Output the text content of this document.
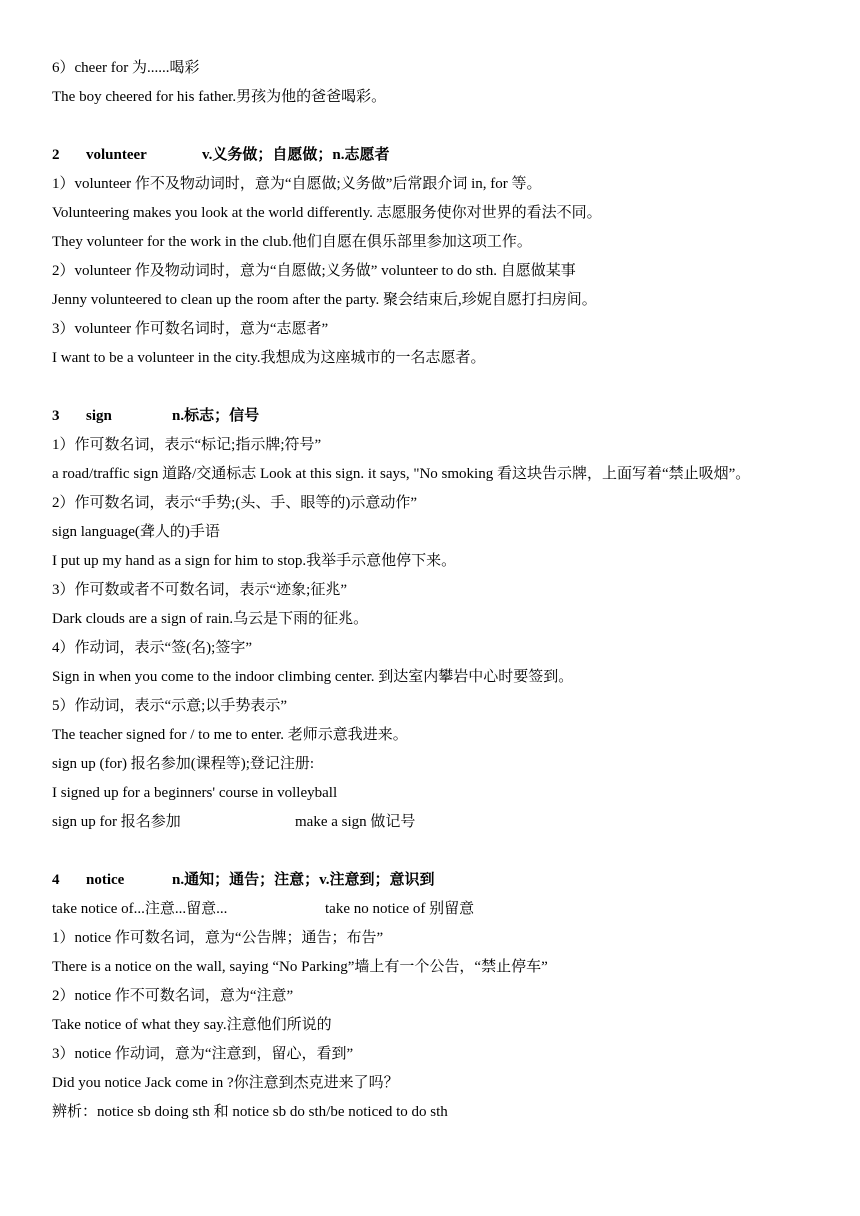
6）cheer for 为......喝彩
The boy cheered for his father.男孩为他的爸爸喝彩。
2 volunteer	v.义务做；自愿做；n.志愿者
1）volunteer 作不及物动词时，意为“自愿做;义务做”后常跟介词 in, for 等。
Volunteering makes you look at the world differently. 志愿服务使你对世界的看法不同。
They volunteer for the work in the club.他们自愿在俱乐部里参加这项工作。
2）volunteer 作及物动词时，意为“自愿做;义务做” volunteer to do sth. 自愿做某事
Jenny volunteered to clean up the room after the party. 聚会结束后,珍妮自愿打扫房间。
3）volunteer 作可数名词时，意为“志愿者”
I want to be a volunteer in the city.我想成为这座城市的一名志愿者。
3 sign	n.标志；信号
1）作可数名词，表示“标记;指示牌;符号”
a road/traffic sign 道路/交通标志 Look at this sign. it says, "No smoking 看这块告示牌，上面写着“禁止吸烟”。
2）作可数名词，表示“手势;(头、手、眼等的)示意动作”
sign language(聋人的)手语
I put up my hand as a sign for him to stop.我举手示意他停下来。
3）作可数或者不可数名词，表示“迹象;征兆”
Dark clouds are a sign of rain.乌云是下雨的征兆。
4）作动词，表示“签(名);签字”
Sign in when you come to the indoor climbing center. 到达室内攀岩中心时要签到。
5）作动词，表示“示意;以手势表示”
The teacher signed for / to me to enter. 老师示意我进来。
sign up (for) 报名参加(课程等);登记注册:
I signed up for a beginners' course in volleyball
sign up for 报名参加	make a sign 做记号
4 notice	n.通知；通告；注意；v.注意到；意识到
take notice of...注意...留意...	take no notice of 别留意
1）notice 作可数名词，意为“公告牌；通告；布告”
There is a notice on the wall, saying “No Parking”墙上有一个公告，“禁止停车”
2）notice 作不可数名词，意为“注意”
Take notice of what they say.注意他们所说的
3）notice 作动词，意为“注意到，留心，看到”
Did you notice Jack come in ?你注意到杰克进来了吗？
辨析：notice sb doing sth 和 notice sb do sth/be noticed to do sth
